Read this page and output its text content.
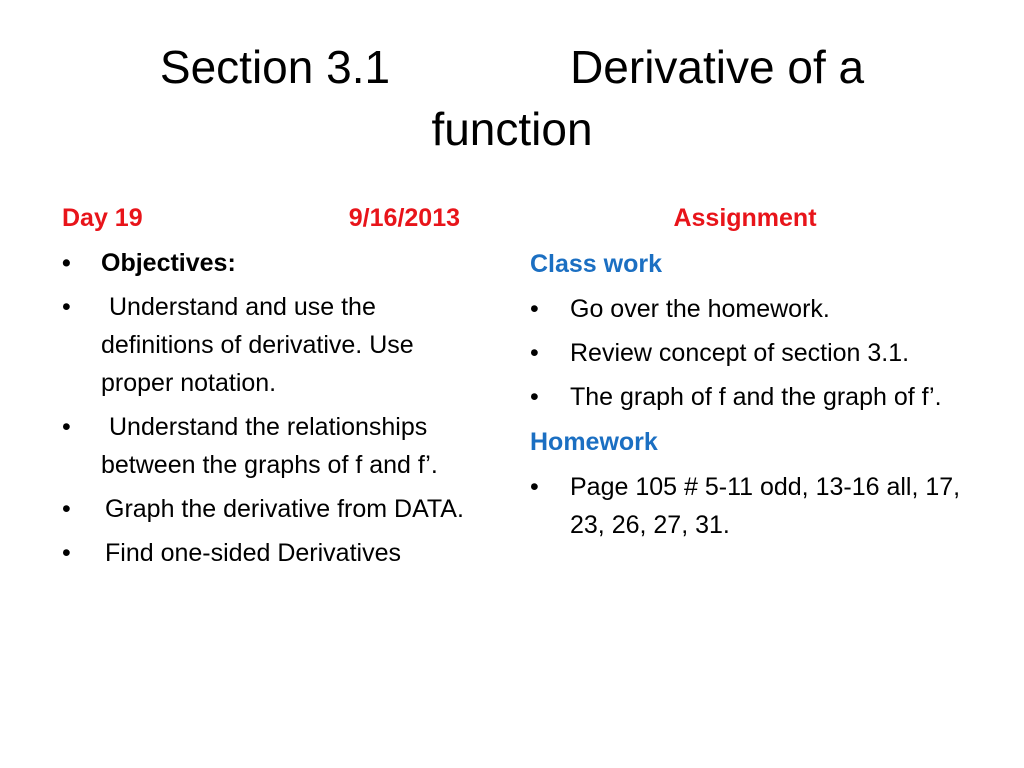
Section 3.1	Derivative of a
function
Day 19	9/16/2013
•	Objectives:
•	Understand and use the definitions of derivative. Use proper notation.
•	Understand the relationships between the graphs of f and f’.
•	Graph the derivative from DATA.
•	Find one-sided Derivatives
Assignment
Class work
•	Go over the homework.
•	Review concept of section 3.1.
•	The graph of f and the graph of f’.
Homework
•	Page 105 # 5-11 odd, 13-16 all, 17, 23, 26, 27, 31.
